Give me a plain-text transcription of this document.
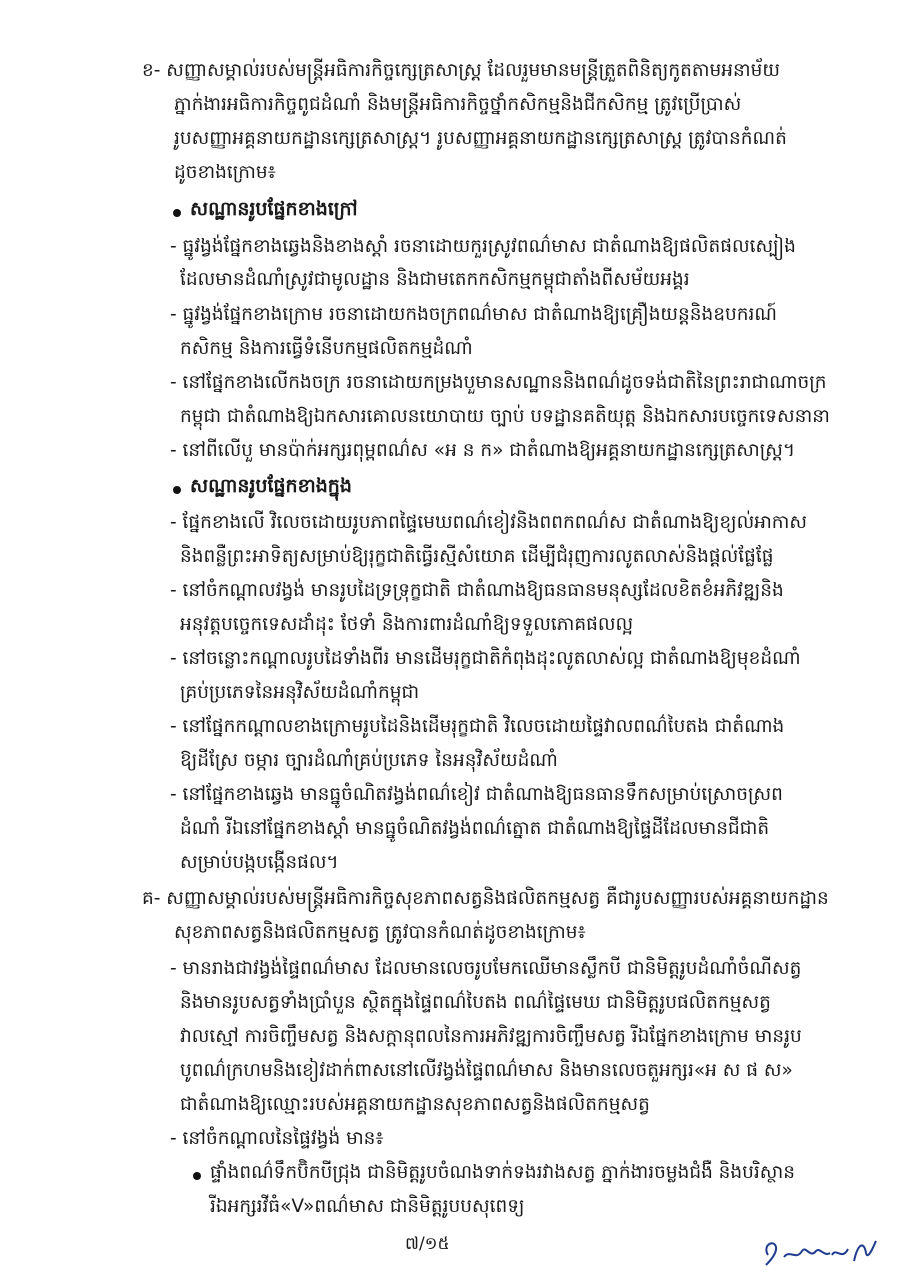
ខ- សញ្ញាសម្គាល់របស់មន្ត្រីអធិការកិច្ចក្សេត្រសាស្ត្រ ដែលរួមមានមន្ត្រីត្រួតពិនិត្យកូតតាមអនាម័យ
ភ្នាក់ងារអធិការកិច្ចពូជដំណាំ និងមន្ត្រីអធិការកិច្ចថ្នាំកសិកម្មនិងជីកសិកម្ម ត្រូវប្រើប្រាស់
រូបសញ្ញាអគ្គនាយកដ្ឋានក្សេត្រសាស្ត្រ។ រូបសញ្ញាអគ្គនាយកដ្ឋានក្សេត្រសាស្ត្រ ត្រូវបានកំណត់
ដូចខាងក្រោម៖
សណ្ឋានរូបផ្នែកខាងក្រៅ
- ធ្នូវង្វង់ផ្នែកខាងឆ្វេងនិងខាងស្តាំ រចនាដោយកួរស្រូវពណ៌មាស ជាតំណាងឱ្យផលិតផលស្បៀង
ដែលមានដំណាំស្រូវជាមូលដ្ឋាន និងជាមតេកកសិកម្មកម្ពុជាតាំងពីសម័យអង្គរ
- ធ្នូវង្វង់ផ្នែកខាងក្រោម រចនាដោយកងចក្រពណ៌មាស ជាតំណាងឱ្យគ្រឿងយន្តនិងឧបករណ៍
កសិកម្ម និងការធ្វើទំនើបកម្មផលិតកម្មដំណាំ
- នៅផ្នែកខាងលើកងចក្រ រចនាដោយកម្រងបួមានសណ្ឋាននិងពណ៌ដូចទង់ជាតិនៃព្រះរាជាណាចក្រ
កម្ពុជា ជាតំណាងឱ្យឯកសារគោលនយោបាយ ច្បាប់ បទដ្ឋានគតិយុត្ត និងឯកសារបច្ចេកទេសនានា
- នៅពីលើបួ មានប៉ាក់អក្សរពុម្ពពណ៌ស «អ ន ក» ជាតំណាងឱ្យអគ្គនាយកដ្ឋានក្សេត្រសាស្ត្រ។
សណ្ឋានរូបផ្នែកខាងក្នុង
- ផ្នែកខាងលើ វិលេចដោយរូបភាពផ្ទៃមេឃពណ៌ខៀវនិងពពកពណ៌ស ជាតំណាងឱ្យខ្យល់អាកាស
និងពន្លឺព្រះអាទិត្យសម្រាប់ឱ្យរុក្ខជាតិធ្វើរស្មីសំយោគ ដើម្បីជំរុញការលូតលាស់និងផ្តល់ផ្លែផ្លែ
- នៅចំកណ្តាលវង្វង់ មានរូបដៃទ្រទ្រុក្ខជាតិ ជាតំណាងឱ្យធនធានមនុស្សដែលខិតខំអភិវឌ្ឍនិង
អនុវត្តបច្ចេកទេសដាំដុះ ថែទាំ និងការពារដំណាំឱ្យទទួលភោគផលល្អ
- នៅចន្លោះកណ្តាលរូបដៃទាំងពីរ មានដើមរុក្ខជាតិកំពុងដុះលូតលាស់ល្អ ជាតំណាងឱ្យមុខដំណាំ
គ្រប់ប្រភេទនៃអនុវិស័យដំណាំកម្ពុជា
- នៅផ្នែកកណ្តាលខាងក្រោមរូបដៃនិងដើមរុក្ខជាតិ វិលេចដោយផ្ទៃវាលពណ៌បៃតង ជាតំណាង
ឱ្យដីស្រែ ចម្ការ ច្បារដំណាំគ្រប់ប្រភេទ នៃអនុវិស័យដំណាំ
- នៅផ្នែកខាងឆ្វេង មានធ្នូចំណិតវង្វង់ពណ៌ខៀវ ជាតំណាងឱ្យធនធានទឹកសម្រាប់ស្រោចស្រព
ដំណាំ រីឯនៅផ្នែកខាងស្តាំ មានធ្នូចំណិតវង្វង់ពណ៌ត្នោត ជាតំណាងឱ្យផ្ទៃដីដែលមានជីជាតិ
សម្រាប់បង្កបង្កើនផល។
គ- សញ្ញាសម្គាល់របស់មន្ត្រីអធិការកិច្ចសុខភាពសត្វនិងផលិតកម្មសត្វ គឺជារូបសញ្ញារបស់អគ្គនាយកដ្ឋាន
សុខភាពសត្វនិងផលិតកម្មសត្វ ត្រូវបានកំណត់ដូចខាងក្រោម៖
- មានរាងជាវង្វង់ផ្ទៃពណ៌មាស ដែលមានលេចរូបមែកឈើមានស្លឹកបី ជានិមិត្តរូបដំណាំចំណីសត្វ
និងមានរូបសត្វទាំងប្រាំបួន ស្ថិតក្នុងផ្ទៃពណ៌បៃតង ពណ៌ផ្ទៃមេឃ ជានិមិត្តរូបផលិតកម្មសត្វ
វាលស្មៅ ការចិញ្ចឹមសត្វ និងសក្តានុពលនៃការអភិវឌ្ឍការចិញ្ចឹមសត្វ រីឯផ្នែកខាងក្រោម មានរូប
បូពណ៌ក្រហមនិងខៀវដាក់ពាសនៅលើវង្វង់ផ្ទៃពណ៌មាស និងមានលេចតួអក្សរ«អ ស ផ ស»
ជាតំណាងឱ្យឈ្មោះរបស់អគ្គនាយកដ្ឋានសុខភាពសត្វនិងផលិតកម្មសត្វ
- នៅចំកណ្តាលនៃផ្ទៃវង្វង់ មាន៖
ផ្ទាំងពណ៌ទឹកប៊ិកបីជ្រុង ជានិមិត្តរូបចំណងទាក់ទងរវាងសត្វ ភ្នាក់ងារចម្លងជំងឺ និងបរិស្ថាន
រីឯអក្សរវីធំ«V»ពណ៌មាស ជានិមិត្តរូបបសុពេទ្យ
៧/១៥
